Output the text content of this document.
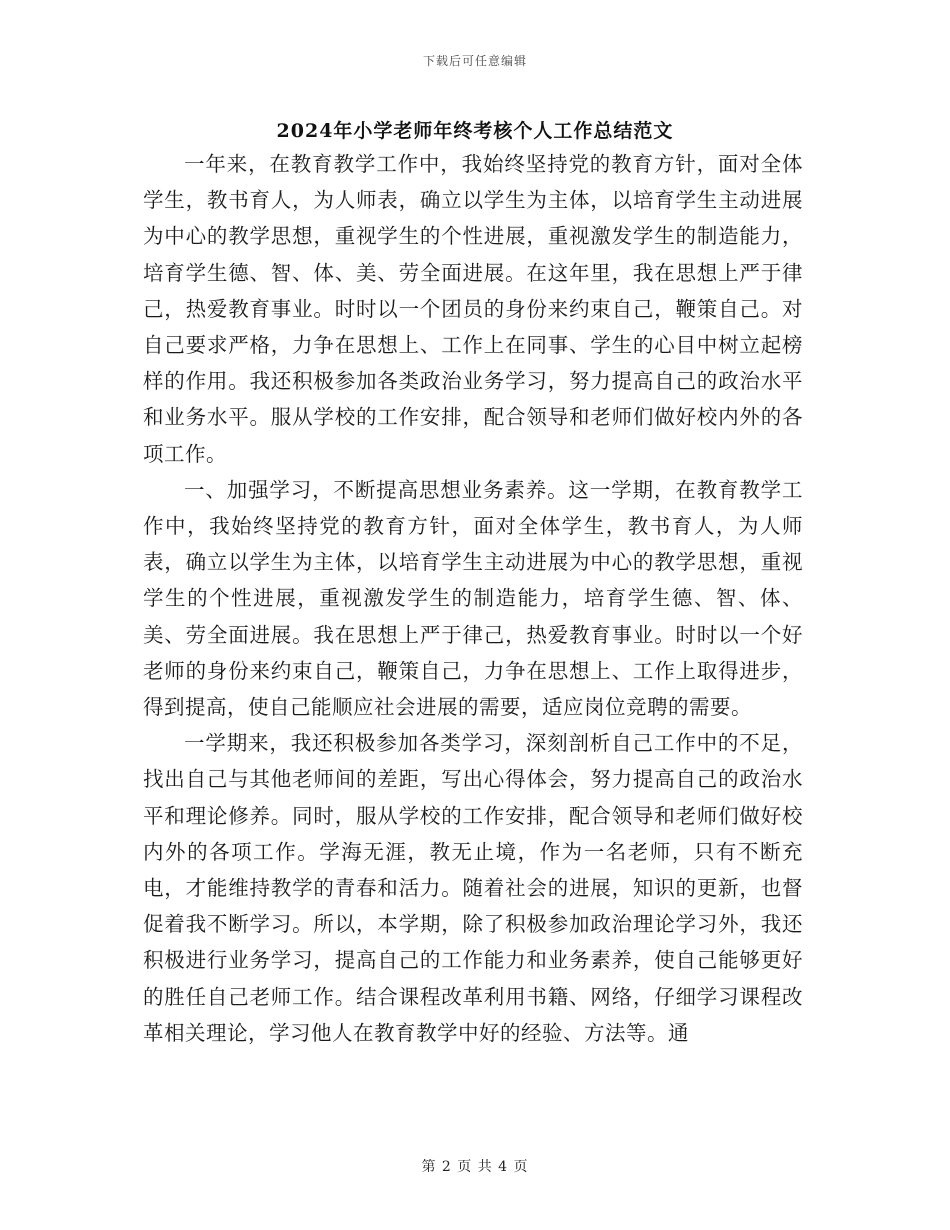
下载后可任意编辑
2024年小学老师年终考核个人工作总结范文

一年来，在教育教学工作中，我始终坚持党的教育方针，面对全体学生，教书育人，为人师表，确立以学生为主体，以培育学生主动进展为中心的教学思想，重视学生的个性进展，重视激发学生的制造能力，培育学生德、智、体、美、劳全面进展。在这年里，我在思想上严于律己，热爱教育事业。时时以一个团员的身份来约束自己，鞭策自己。对自己要求严格，力争在思想上、工作上在同事、学生的心目中树立起榜样的作用。我还积极参加各类政治业务学习，努力提高自己的政治水平和业务水平。服从学校的工作安排，配合领导和老师们做好校内外的各项工作。

一、加强学习，不断提高思想业务素养。这一学期，在教育教学工作中，我始终坚持党的教育方针，面对全体学生，教书育人，为人师表，确立以学生为主体，以培育学生主动进展为中心的教学思想，重视学生的个性进展，重视激发学生的制造能力，培育学生德、智、体、美、劳全面进展。我在思想上严于律己，热爱教育事业。时时以一个好老师的身份来约束自己，鞭策自己，力争在思想上、工作上取得进步，得到提高，使自己能顺应社会进展的需要，适应岗位竞聘的需要。

一学期来，我还积极参加各类学习，深刻剖析自己工作中的不足，找出自己与其他老师间的差距，写出心得体会，努力提高自己的政治水平和理论修养。同时，服从学校的工作安排，配合领导和老师们做好校内外的各项工作。学海无涯，教无止境，作为一名老师，只有不断充电，才能维持教学的青春和活力。随着社会的进展，知识的更新，也督促着我不断学习。所以，本学期，除了积极参加政治理论学习外，我还积极进行业务学习，提高自己的工作能力和业务素养，使自己能够更好的胜任自己老师工作。结合课程改革利用书籍、网络，仔细学习课程改革相关理论，学习他人在教育教学中好的经验、方法等。通

第 2 页 共 4 页
